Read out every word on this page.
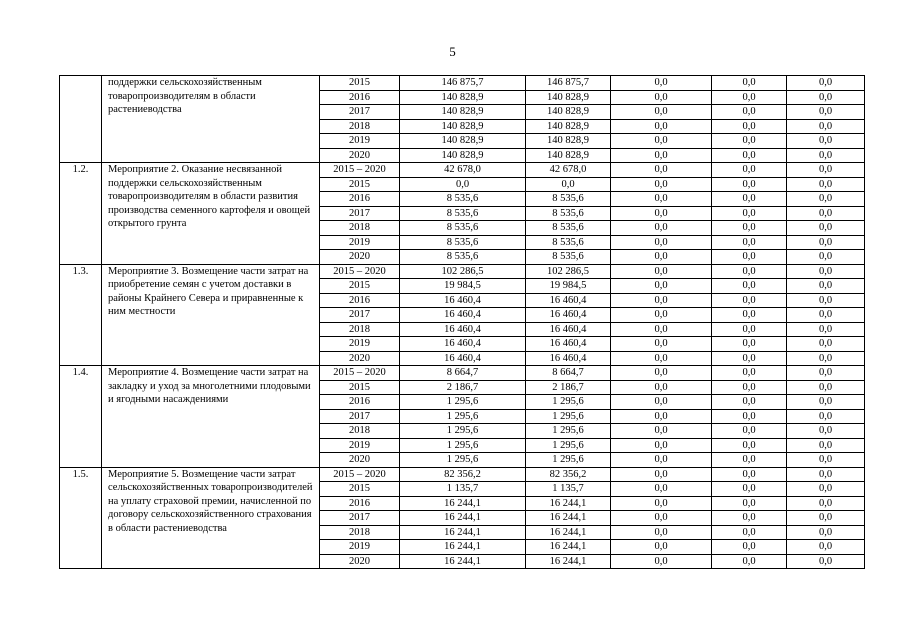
5
	поддержки сельскохозяйственным товаропроизводителям в области растениеводства	2015	146 875,7	146 875,7	0,0	0,0	0,0
		2016	140 828,9	140 828,9	0,0	0,0	0,0
		2017	140 828,9	140 828,9	0,0	0,0	0,0
		2018	140 828,9	140 828,9	0,0	0,0	0,0
		2019	140 828,9	140 828,9	0,0	0,0	0,0
		2020	140 828,9	140 828,9	0,0	0,0	0,0
1.2.	Мероприятие 2. Оказание несвязанной поддержки сельскохозяйственным товаропроизводителям в области развития производства семенного картофеля и овощей открытого грунта	2015 – 2020	42 678,0	42 678,0	0,0	0,0	0,0
		2015	0,0	0,0	0,0	0,0	0,0
		2016	8 535,6	8 535,6	0,0	0,0	0,0
		2017	8 535,6	8 535,6	0,0	0,0	0,0
		2018	8 535,6	8 535,6	0,0	0,0	0,0
		2019	8 535,6	8 535,6	0,0	0,0	0,0
		2020	8 535,6	8 535,6	0,0	0,0	0,0
1.3.	Мероприятие 3. Возмещение части затрат на приобретение семян с учетом доставки в районы Крайнего Севера и приравненные к ним местности	2015 – 2020	102 286,5	102 286,5	0,0	0,0	0,0
		2015	19 984,5	19 984,5	0,0	0,0	0,0
		2016	16 460,4	16 460,4	0,0	0,0	0,0
		2017	16 460,4	16 460,4	0,0	0,0	0,0
		2018	16 460,4	16 460,4	0,0	0,0	0,0
		2019	16 460,4	16 460,4	0,0	0,0	0,0
		2020	16 460,4	16 460,4	0,0	0,0	0,0
1.4.	Мероприятие 4. Возмещение части затрат на закладку и уход за многолетними плодовыми и ягодными насаждениями	2015 – 2020	8 664,7	8 664,7	0,0	0,0	0,0
		2015	2 186,7	2 186,7	0,0	0,0	0,0
		2016	1 295,6	1 295,6	0,0	0,0	0,0
		2017	1 295,6	1 295,6	0,0	0,0	0,0
		2018	1 295,6	1 295,6	0,0	0,0	0,0
		2019	1 295,6	1 295,6	0,0	0,0	0,0
		2020	1 295,6	1 295,6	0,0	0,0	0,0
1.5.	Мероприятие 5. Возмещение части затрат сельскохозяйственных товаропроизводителей на уплату страховой премии, начисленной по договору сельскохозяйственного страхования в области растениеводства	2015 – 2020	82 356,2	82 356,2	0,0	0,0	0,0
		2015	1 135,7	1 135,7	0,0	0,0	0,0
		2016	16 244,1	16 244,1	0,0	0,0	0,0
		2017	16 244,1	16 244,1	0,0	0,0	0,0
		2018	16 244,1	16 244,1	0,0	0,0	0,0
		2019	16 244,1	16 244,1	0,0	0,0	0,0
		2020	16 244,1	16 244,1	0,0	0,0	0,0
